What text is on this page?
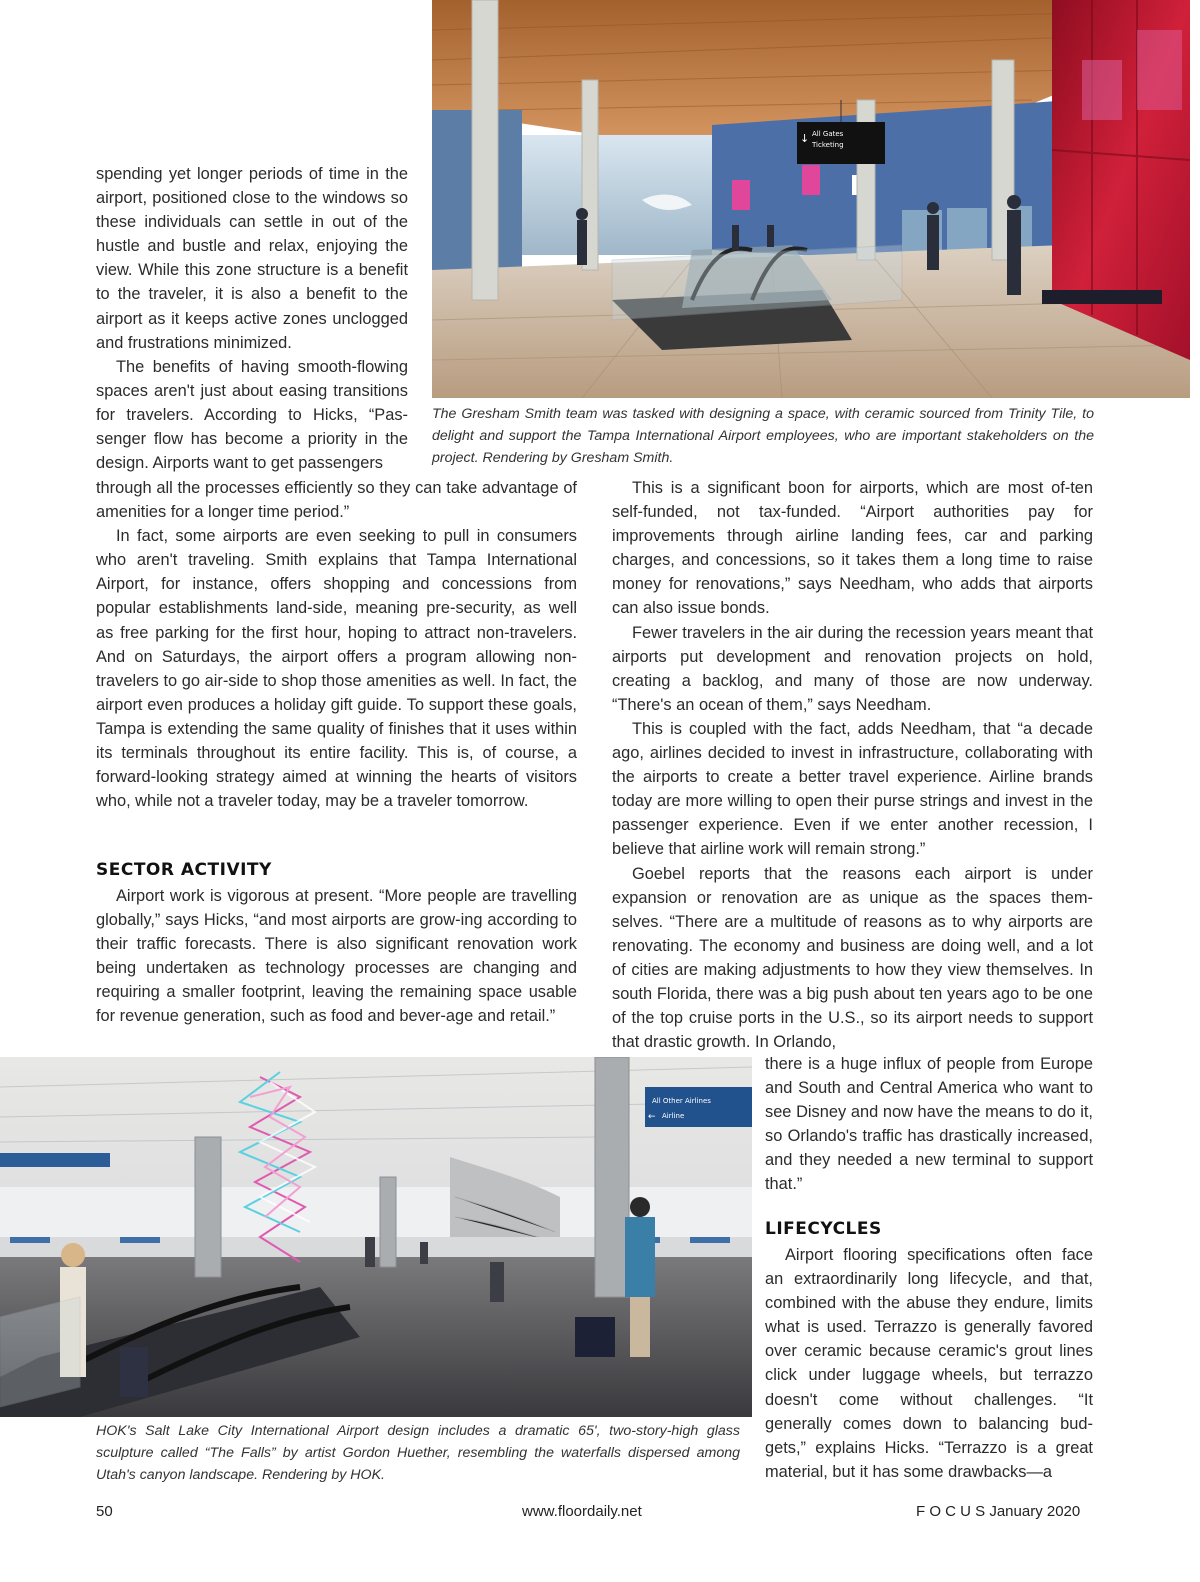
All Gates
Ticketing
↓

spending yet longer periods of time in the airport, positioned close to the windows so these individuals can settle in out of the hustle and bustle and relax, enjoying the view. While this zone structure is a benefit to the traveler, it is also a benefit to the airport as it keeps active zones unclogged and frustrations minimized.

The benefits of having smooth-flowing spaces aren't just about easing transitions for travelers. According to Hicks, “Pas-senger flow has become a priority in the design. Airports want to get passengers

The Gresham Smith team was tasked with designing a space, with ceramic sourced from Trinity Tile, to delight and support the Tampa International Airport employees, who are important stakeholders on the project. Rendering by Gresham Smith.

through all the processes efficiently so they can take advantage of amenities for a longer time period.”

In fact, some airports are even seeking to pull in consumers who aren't traveling. Smith explains that Tampa International Airport, for instance, offers shopping and concessions from popular establishments land-side, meaning pre-security, as well as free parking for the first hour, hoping to attract non-travelers. And on Saturdays, the airport offers a program allowing non-travelers to go air-side to shop those amenities as well. In fact, the airport even produces a holiday gift guide. To support these goals, Tampa is extending the same quality of finishes that it uses within its terminals throughout its entire facility. This is, of course, a forward-looking strategy aimed at winning the hearts of visitors who, while not a traveler today, may be a traveler tomorrow.

SECTOR ACTIVITY

Airport work is vigorous at present. “More people are travelling globally,” says Hicks, “and most airports are grow-ing according to their traffic forecasts. There is also significant renovation work being undertaken as technology processes are changing and requiring a smaller footprint, leaving the remaining space usable for revenue generation, such as food and bever-age and retail.”

This is a significant boon for airports, which are most of-ten self-funded, not tax-funded. “Airport authorities pay for improvements through airline landing fees, car and parking charges, and concessions, so it takes them a long time to raise money for renovations,” says Needham, who adds that airports can also issue bonds.

Fewer travelers in the air during the recession years meant that airports put development and renovation projects on hold, creating a backlog, and many of those are now underway. “There's an ocean of them,” says Needham.

This is coupled with the fact, adds Needham, that “a decade ago, airlines decided to invest in infrastructure, collaborating with the airports to create a better travel experience. Airline brands today are more willing to open their purse strings and invest in the passenger experience. Even if we enter another recession, I believe that airline work will remain strong.”

Goebel reports that the reasons each airport is under expansion or renovation are as unique as the spaces them-selves. “There are a multitude of reasons as to why airports are renovating. The economy and business are doing well, and a lot of cities are making adjustments to how they view themselves. In south Florida, there was a big push about ten years ago to be one of the top cruise ports in the U.S., so its airport needs to support that drastic growth. In Orlando,

All Other Airlines
Airline
←
HOK's Salt Lake City International Airport design includes a dramatic 65', two-story-high glass sculpture called “The Falls” by artist Gordon Huether, resembling the waterfalls dispersed among Utah's canyon landscape. Rendering by HOK.

there is a huge influx of people from Europe and South and Central America who want to see Disney and now have the means to do it, so Orlando's traffic has drastically increased, and they needed a new terminal to support that.”

LIFECYCLES

Airport flooring specifications often face an extraordinarily long lifecycle, and that, combined with the abuse they endure, limits what is used. Terrazzo is generally favored over ceramic because ceramic's grout lines click under luggage wheels, but terrazzo doesn't come without challenges. “It generally comes down to balancing bud-gets,” explains Hicks. “Terrazzo is a great material, but it has some drawbacks—a

50	www.floordaily.net	F O C U S January 2020
